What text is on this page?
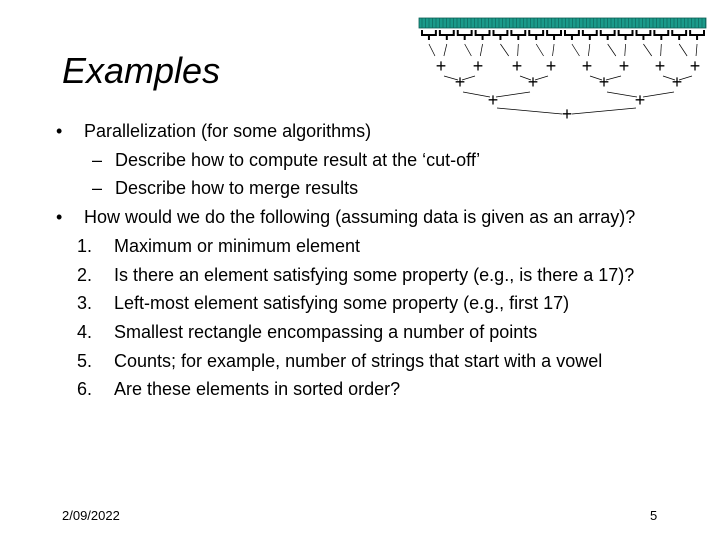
Examples	+ + + + + + + +
+	+	+	+
+	+
+
• Parallelization (for some algorithms)
– Describe how to compute result at the ‘cut-off’
– Describe how to merge results
• How would we do the following (assuming data is given as an array)?
1. Maximum or minimum element
2. Is there an element satisfying some property (e.g., is there a 17)?
3. Left-most element satisfying some property (e.g., first 17)
4. Smallest rectangle encompassing a number of points
5. Counts; for example, number of strings that start with a vowel
6. Are these elements in sorted order?
2/09/2022	5
